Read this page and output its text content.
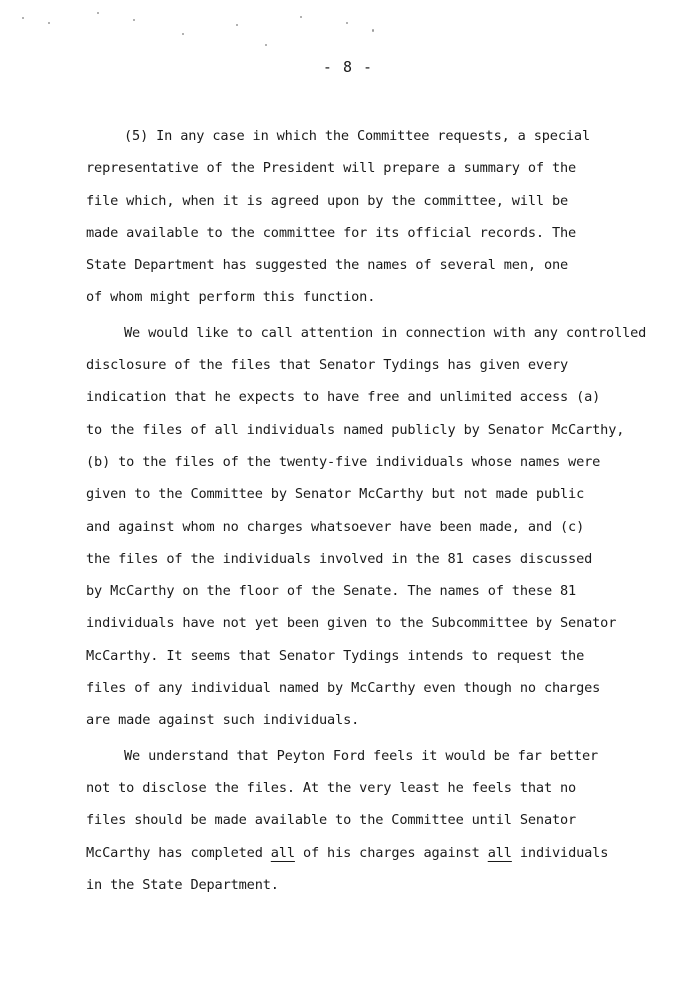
- 8 -
(5) In any case in which the Committee requests, a special
representative of the President will prepare a summary of the
file which, when it is agreed upon by the committee, will be
made available to the committee for its official records. The
State Department has suggested the names of several men, one
of whom might perform this function.
We would like to call attention in connection with any controlled
disclosure of the files that Senator Tydings has given every
indication that he expects to have free and unlimited access (a)
to the files of all individuals named publicly by Senator McCarthy,
(b) to the files of the twenty-five individuals whose names were
given to the Committee by Senator McCarthy but not made public
and against whom no charges whatsoever have been made, and (c)
the files of the individuals involved in the 81 cases discussed
by McCarthy on the floor of the Senate. The names of these 81
individuals have not yet been given to the Subcommittee by Senator
McCarthy. It seems that Senator Tydings intends to request the
files of any individual named by McCarthy even though no charges
are made against such individuals.
We understand that Peyton Ford feels it would be far better
not to disclose the files. At the very least he feels that no
files should be made available to the Committee until Senator
McCarthy has completed all of his charges against all individuals
in the State Department.
